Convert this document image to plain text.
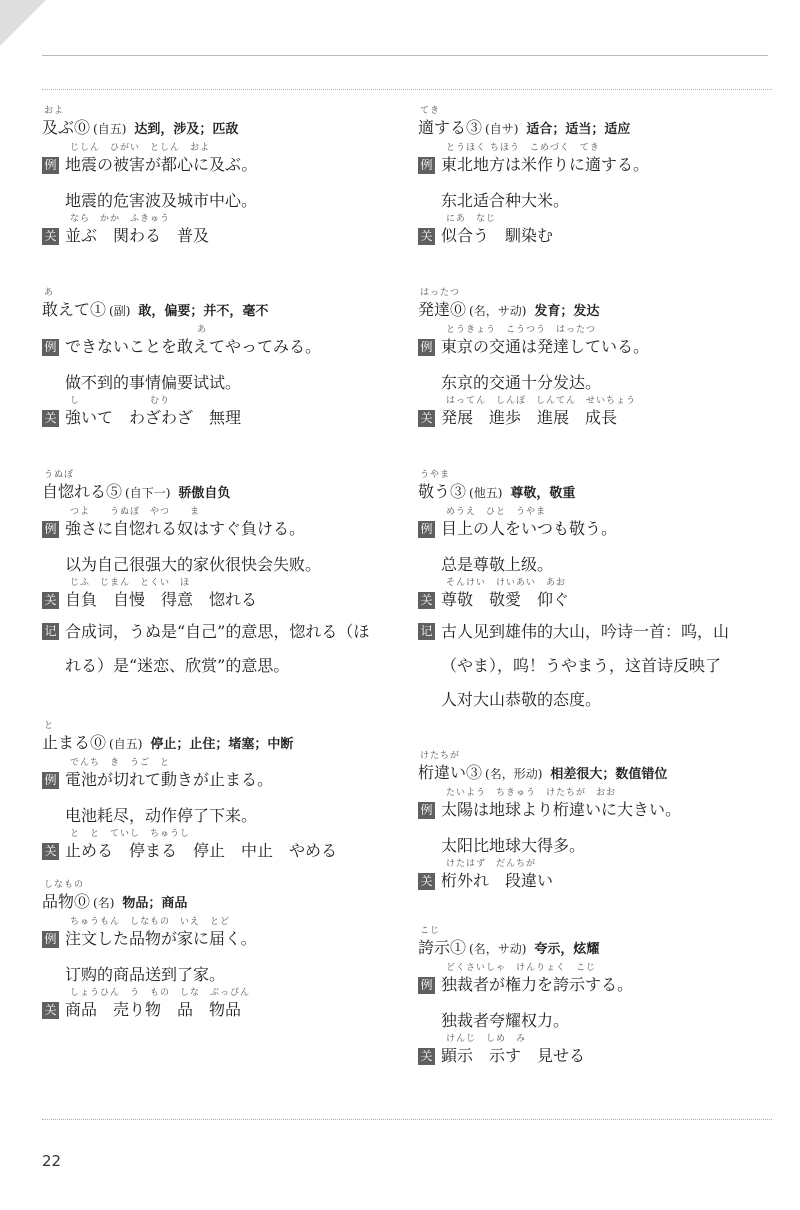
およ
及ぶ⓪ (自五) 达到，涉及；匹敌
じしん　ひがい　としん　およ
例 地震の被害が都心に及ぶ。
地震的危害波及城市中心。
なら　かか　ふきゅう
关 並ぶ　関わる　普及
あ
敢えて① (副) 敢，偏要；并不，毫不
あ
例 できないことを敢えてやってみる。
做不到的事情偏要试试。
し　　　　　　　むり
关 強いて　わざわざ　無理
うぬぼ
自惚れる⑤ (自下一) 骄傲自负
つよ　　うぬぼ　やつ　　ま
例 強さに自惚れる奴はすぐ負ける。
以为自己很强大的家伙很快会失败。
じふ　じまん　とくい　ほ
关 自負　自慢　得意　惚れる
记 合成词，うぬ是“自己”的意思，惚れる（ほ
れる）是“迷恋、欣赏”的意思。
と
止まる⓪ (自五) 停止；止住；堵塞；中断
でんち　き　うご　と
例 電池が切れて動きが止まる。
电池耗尽，动作停了下来。
と　と　ていし　ちゅうし
关 止める　停まる　停止　中止　やめる
しなもの
品物⓪ (名) 物品；商品
ちゅうもん　しなもの　いえ　とど
例 注文した品物が家に届く。
订购的商品送到了家。
しょうひん　う　もの　しな　ぶっぴん
关 商品　売り物　品　物品
てき
適する③ (自サ) 适合；适当；适应
とうほく ちほう　こめづく　てき
例 東北地方は米作りに適する。
东北适合种大米。
にあ　なじ
关 似合う　馴染む
はったつ
発達⓪ (名，サ动) 发育；发达
とうきょう　こうつう　はったつ
例 東京の交通は発達している。
东京的交通十分发达。
はってん　しんぽ　しんてん　せいちょう
关 発展　進歩　進展　成長
うやま
敬う③ (他五) 尊敬，敬重
めうえ　ひと　うやま
例 目上の人をいつも敬う。
总是尊敬上级。
そんけい　けいあい　あお
关 尊敬　敬愛　仰ぐ
记 古人见到雄伟的大山，吟诗一首：呜，山
（やま），呜！うやまう，这首诗反映了
人对大山恭敬的态度。
けたちが
桁違い③ (名，形动) 相差很大；数值错位
たいよう　ちきゅう　けたちが　おお
例 太陽は地球より桁違いに大きい。
太阳比地球大得多。
けたはず　だんちが
关 桁外れ　段違い
こじ
誇示① (名，サ动) 夸示，炫耀
どくさいしゃ　けんりょく　こじ
例 独裁者が権力を誇示する。
独裁者夸耀权力。
けんじ　しめ　み
关 顕示　示す　見せる
22
